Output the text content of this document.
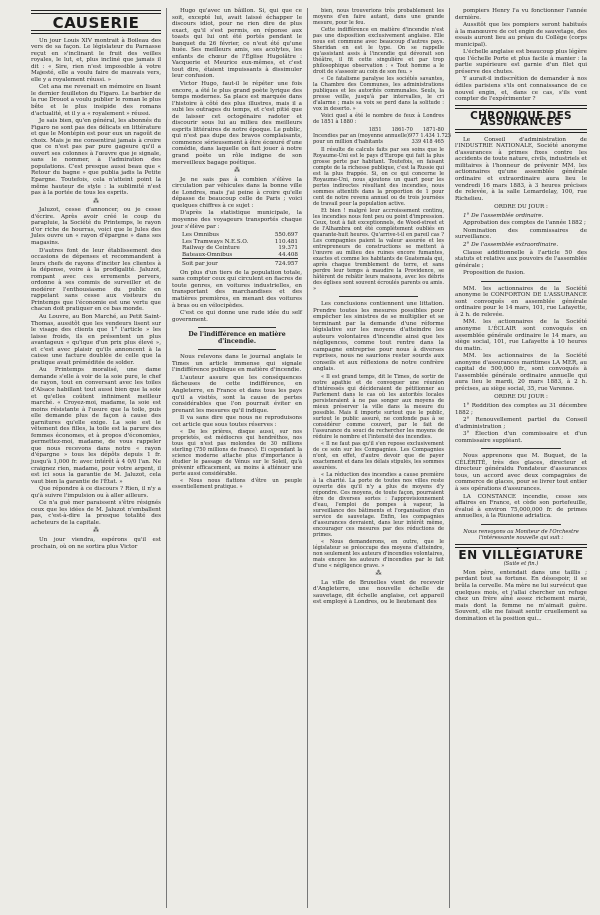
CAUSERIE

Un jour Louis XIV montrait à Boileau des vers de sa façon. Le législateur du Parnasse reçut en s'inclinant le fruit des veilles royales, le lut, et, plus incliné que jamais il dit : « Sire, rien n'est impossible à votre Majesté, elle a voulu faire de mauvais vers, elle y a royalement réussi. »

Cet ana me revenait en mémoire en lisant le dernier feuilleton du Figaro. Le barbier de la rue Drouot a voulu publier le roman le plus bête et le plus insipide des romans d'actualité, et il y a « royalement » réussi.

Je sais bien, qu'en général, les abonnés du Figaro ne sont pas des délicats en littérature et que le Montépin est pour eux un ragoût de choix. Mais je me consentirai jamais à croire que ce n'est pas par pure gageure qu'il a ouvert ses colonnes à l'œuvre que je signale, sans le nommer, à l'admiration des populations. C'est presque aussi beau que « Retour du bagne » que publia jadis la Petite Epargne. Toutefois, cela n'atteint point la même hauteur de style : la sublimité n'est pas à la portée de tous les esprits.

⁂

Jaluzot, cesse d'annoncer, ou je cesse d'écrire. Après avoir créé le coup du parapluie, la Société du Printemps, le rayon d'or riche de hourras, voici que le Jules des Jules ouvre un « rayon d'épargne » dans ses magasins.

D'autres font de leur établissement des occasions de dépenses et recommandent à leurs chefs de rayons d'inciter les clientes à la dépense, voire à la prodigalité. Jaluzot, rompant avec ces errements pervers, ordonne à ses commis de surveiller et de modérer l'enthousiasme du public en rappelant sans cesse aux visiteurs du Printemps que l'économie est une vertu que chacun doit pratiquer en ce bas monde.

Au Louvre, au Bon Marché, au Petit Saint-Thomas, aussitôt que les vendeurs lisent sur le visage des clients que 1° l'article » les laisse froids, ils en présentent un plus avantageux « qu'ique d'un prix plus élevé », et c'est avec plaisir qu'ils annoncent à la caisse une facture doublée de celle que la pratique avait préméditée de solder.

Au Printemps moralisé, une dame demande s'elle à voir de la soie pure, le chef de rayon, tout en conversant avec les toiles d'Alsace habillant tout aussi bien que la soie et qu'elles coûtent infiniment meilleur marché. « Croyez-moi, madame, la soie est moins résistante à l'usure que la toile, puis elle demande plus de façon à cause des garnitures qu'elle exige. La soie est le vêtement des filles, la toile est la parure des femmes économes, et à propos d'économies, permettez-moi, madame, de vous rappeler que nous recevons dans notre « rayon d'épargne » tous les dépôts depuis 1 fr. jusqu'à 1,000 fr. avec intérêt à 4 0/0 l'an. Ne craignez rien, madame, pour votre argent, il est ici sous la garantie de M. Jaluzot, cela vaut bien la garantie de l'État. »

Que répondre à ce discours ? Rien, il n'y a qu'à suivre l'impulsion ou à aller ailleurs.

Ce n'a guè mer paraissent s'être résignés ceux que les idées de M. Jaluzot n'emballent pas, c'est-à-dire la presque totalité des acheteurs de la capitale.

⁂

Un jour viendra, espérons qu'il est prochain, où on ne sortira plus Victor

Hugo qu'avec un bâillon. Si, qui que ce soit, excepté lui, avait laissé échapper le discours idiot, pour ne rien dire de plus exact, qu'il s'est permis, en réponse aux toasts qui lui ont été portés pendant le banquet du 26 février, ce n'eut été qu'une huée. Ses meilleurs amis, ses acolytes, les enfants de chœur de l'Église Hugolâtre : Vacquerie et Meurice eux-mêmes, et c'est tout dire, étaient impuissants à dissimuler leur confusion.

Victor Hugo, faut-il le répéter une fois encore, a été le plus grand poète lyrique des temps modernes. Sa place est marquée dans l'histoire à côté des plus illustres, mais il a subi les outrages du temps, et c'est pitié que de laisser cet octogénaire radoter et discourir sous lui au milieu des meilleurs esprits littéraires de notre époque. Le public, qui n'est pas dupe des bravos complaisants, commence sérieusement à être écœuré d'une comédie, dans laquelle on fait jouer à notre grand poète un rôle indigne de son merveilleux bagage poétique.

⁂

Je ne sais pas à combien s'élève la circulation par véhicules dans la bonne ville de Londres, mais j'ai peine à croire qu'elle dépasse de beaucoup celle de Paris ; voici quelques chiffres à ce sujet :

D'après la statistique municipale, la moyenne des voyageurs transportés chaque jour s'élève par :

Les Omnibus	550.697
Les Tramways N.E.S.O.	110.481
Railway de Ceinture	19.371
Bateaux-Omnibus	44.408
Soit par jour	724.957

On plus d'un tiers de la population totale, sans compter ceux qui circulent en fiacres de toute genres, en voitures industrielles, en transportant des marchandises et des matières premières, en menant des voitures à bras ou en vélocipèdes.

C'est ce qui donne une rude idée du self government.

De l'indifférence en matière d'incendie.

Nous relevons dans le journal anglais le Times un article immense qui signale l'indifférence publique en matière d'incendie.

L'auteur assure que les conséquences fâcheuses de cette indifférence, en Angleterre, en France et dans tous les pays qu'il a visités, sont la cause de pertes considérables que l'on pourrait éviter en prenant les mesures qu'il indique.

Il va sans dire que nous ne reproduisons cet article que sous toutes réserves :

« De les prières, disque aussi, sur nos proprietés, est médiocres qui hendréthos, nos tous qui n'est pas molondes de 30 millions sterling (750 millions de francs). Ei cependant la science moderne attache plus d'importance à étudier le passage de Vénus sur le Soleil, qu'à prévenir efficacement, au moins à atténuer une perte aussi considérable.

« Nous nous flattons d'être un peuple essentiellement pratique. »

bien, nous trouverions très probablement les moyens d'en faire autant, dans une grande mesure, pour le feu.

Cette indifférence en matière d'incendie n'est pas une disposition exclusivement anglaise. Elle nous est commune avec beaucoup d'autres pays. Sheridan en est le type. On se rappelle qu'assistant assis à l'incendie qui dévorait son théâtre, il fit cette singulière et par trop philosophique observation : « Tout homme a le droit de s'asseoir au coin de son feu. »

« Ce fatalisme paralyse les sociétés savantes, la Chambre des Communes, les administrations publiques et les autorités communales. Seuls, la presse veille, jusqu'à par intervalles, le cri d'alarme ; mais sa voix se perd dans la solitude : vox in deserto. »

Voici quel a été le nombre de feux à Londres de 1851 à 1880 :

1851 1861-70 1871-80
Incendies par an (moyenne annuelle) 977 1.434 1.725
pour un million d'habitants	339 418 465

Il résulte de calculs faits par ses soins que le Royaume-Uni est le pays d'Europe qui fait la plus grosse perte par habitant. Toutefois, en faisant compte de la richesse publique, c'est la Russie qui est la plus frappée. Si, on ce qui concerne le Royaume-Uni, nous ajoutons un quart pour les pertes indirectes résultant des incendies, nous sommes attentifs dans la proportion de 1 pour cent de notre revenu annuel ou de trois journées de travail pour la population active.

Et bien ! malgré leur accroissement continu, les incendies nous font peu ou point d'impression. Ceux, tout à fait exceptionnels, de Wood-street et de l'Alhambra ont été complètement oubliés en quarante-huit heures. Qu'arrive-t-il en pareil cas ? Les compagnies paient la valeur assurée et les entrepreneurs de constructions se mettent à l'œuvre au milieu des ruines encore fumantes, exactes et comme les habitants de Guatemala qui, après chaque tremblement de terre, et sans perdre leur temps à maudire la Providence, se hâtèrent de rebâtir leurs maisons, avec les débris des églises sont souvent écroulés parents ou amis. »

Les conclusions contiennent une littation. Prendre toutes les mesures possibles pour empêcher les sinistres de se multiplier et se terminant par la demande d'une réforme législative sur les moyens d'atteindre les auteurs volontaires d'incendie ainsi que les négligences, comme tout rentre dans la campagne entreprise pour nous à diverses reprises, nous ne saurions rester sourds aux conseils et aux réflexions de notre confrère anglais.

« Il est grand temps, dit le Times, de sortir de notre apathie et de convoquer une réunion d'intéressés qui décideraient de pétitionner au Parlement dans le cas où les autorités locales persisteraient à ne pas songer aux moyens de mieux préserver la ville dans la mesure du possible. Mais il importe surtout que le public, surtout le public assuré, ne confonde pas à se considérer comme couvert, par le fait de l'assurance du souci de rechercher les moyens de réduire le nombre et l'intensité des incendies.

« Il ne faut pas qu'il s'en repose exclusivement de ce soin sur les Compagnies. Les Compagnies n'ont, en effet, d'autre devoir que de payer exactement et dans les délais stipulés, les sommes assurées.

« La réduction des incendies a cause première à la charité. La porte de toutes nos villes reste ouverte dès qu'il n'y a plus de moyens d'y répondre. Ces moyens, de toute façon, pourraient être de diverses sortes : l'approvisionnement d'eau, l'emploi de pompes à vapeur, la surveillance des bâtiments et l'organisation d'un service de sauvetage. Enfin, les compagnies d'assurances devraient, dans leur intérêt même, encourager ces mesures par des réductions de primes.

« Nous demanderons, en outre, que le législateur se préoccupe des moyens d'atteindre, non seulement les auteurs d'incendies volontaires, mais encore les auteurs d'incendies par le fait d'une « négligence grave. »

⁂

La ville de Bruxelles vient de recevoir d'Angleterre, une nouvelle échelle de sauvetage, dit échelle anglaise, cet appareil est employé à Londres, ou le lieutenant des

pompiers Henry l'a vu fonctionner l'année dernière.

Aussitôt que les pompiers seront habitués à la manœuvre de cet engin de sauvetage, des essais auront lieu au préau du Collège (corps municipal).

L'échelle anglaise est beaucoup plus légère que l'échelle Porte et plus facile à manier : la partie supérieure est garnie d'un filet qui préserve des chutes.

Y aurait-il indiscrétion de demander à nos édiles parisiens s'ils ont connaissance de ce nouvel engin, et, dans ce cas, s'ils vont compter de l'expérimenter ?

CHRONIQUE DES ASSURANCES

Le Conseil d'administration de l'INDUSTRIE NATIONALE, Société anonyme d'assurances à primes fixes contre les accidents de toute nature, civils, industriels et militaires à l'honneur de prévenir MM. les actionnaires qu'une assemblée générale ordinaire et extraordinaire aura lieu le vendredi 16 mars 1883, à 3 heures précises de relevée, à la salle Lemardelay, 100, rue Richelieu.

ORDRE DU JOUR :

1° De l'assemblée ordinaire.

Approbation des comptes de l'année 1882 ;

Nomination des commissaires de surveillance.

2° De l'assemblée extraordinaire.

Clause additionnelle à l'article 50 des statuts et relative aux pouvoirs de l'assemblée générale ;

Proposition de fusion.

MM. les actionnaires de la Société anonyme le CONFORTON DE L'ASSURANCE sont convoqués en assemblée générale ordinaire pour le 14 mars, 101, rue Lafayette, à 2 h. de relevée.

MM. les actionnaires de la Société anonyme L'ÉCLAIR sont convoqués en assemblée générale ordinaire le 14 mars, au siège social, 101, rue Lafayette à 10 heures du matin.

MM. les actionnaires de la Société anonyme d'assurances maritimes LA MER, au capital de 500,000 fr., sont convoqués à l'assemblée générale ordinaire annuelle qui aura lieu le mardi, 20 mars 1883, à 2 h. précises, au siège social, 35, rue Varenne.

ORDRE DU JOUR :

1° Reddition des comptes au 31 décembre 1882 ;

2° Renouvellement partiel du Conseil d'administration ;

3° Élection d'un commissaire et d'un commissaire suppléant.

Nous apprenons que M. Buquet, de la CÉLÉRITÉ, très des glaces, directeur et directeur généraldu Fondateur d'assurances tous, un accord avec deux compagnies de commerce de glaces, pour se livrer tout entier à ses opérations d'assurances.

LA CONSTANCE incendie, cesse ses affaires en France, et cède son portefeuille, évalué à environ 75,000,000 fr. de primes annuelles, à la Riunione adriatica.

Nous renvoyons au Moniteur de l'Orchestre l'intéressante nouvelle qui suit :
EN VILLÉGIATURE
(Suite et fin.)

Mon père, entendait dans une taillis ; perdant tout sa fortune. En désespoir, il se brûla la cervelle. Ma mère ne lui survécut que quelques mois, et j'allai chercher un refuge chez un frère aîné assez richement marié, mais dont la femme ne m'aimait guère. Souvent, elle me faisait sentir cruellement sa domination et la position qui...
